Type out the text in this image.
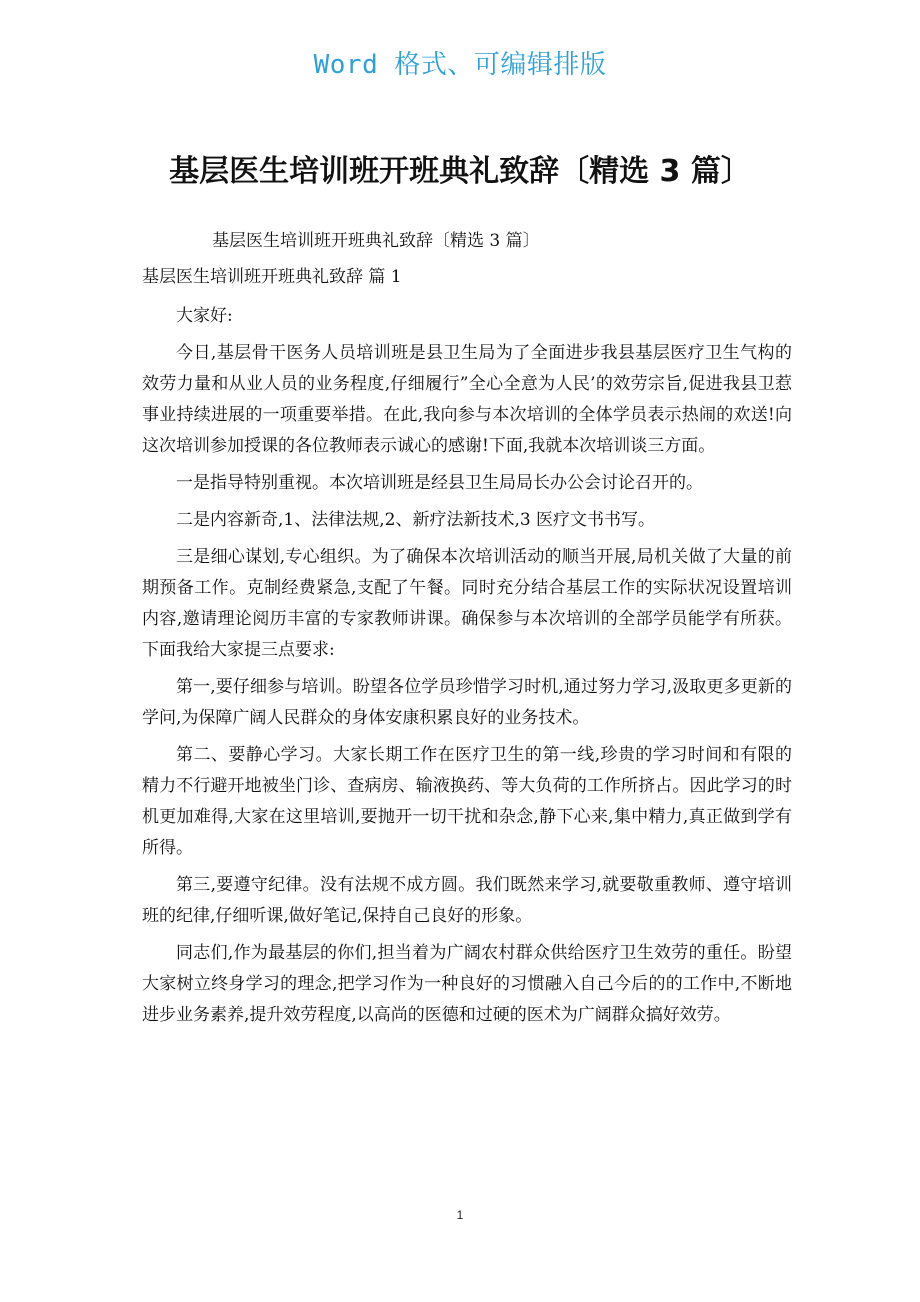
Word 格式、可编辑排版
基层医生培训班开班典礼致辞〔精选 3 篇〕

基层医生培训班开班典礼致辞〔精选 3 篇〕

基层医生培训班开班典礼致辞 篇 1

大家好:

今日,基层骨干医务人员培训班是县卫生局为了全面进步我县基层医疗卫生气构的效劳力量和从业人员的业务程度,仔细履行”全心全意为人民’的效劳宗旨,促进我县卫惹事业持续进展的一项重要举措。在此,我向参与本次培训的全体学员表示热闹的欢送!向这次培训参加授课的各位教师表示诚心的感谢!下面,我就本次培训谈三方面。

一是指导特别重视。本次培训班是经县卫生局局长办公会讨论召开的。

二是内容新奇,1、法律法规,2、新疗法新技术,3 医疗文书书写。

三是细心谋划,专心组织。为了确保本次培训活动的顺当开展,局机关做了大量的前期预备工作。克制经费紧急,支配了午餐。同时充分结合基层工作的实际状况设置培训内容,邀请理论阅历丰富的专家教师讲课。确保参与本次培训的全部学员能学有所获。下面我给大家提三点要求:

第一,要仔细参与培训。盼望各位学员珍惜学习时机,通过努力学习,汲取更多更新的学问,为保障广阔人民群众的身体安康积累良好的业务技术。

第二、要静心学习。大家长期工作在医疗卫生的第一线,珍贵的学习时间和有限的精力不行避开地被坐门诊、查病房、输液换药、等大负荷的工作所挤占。因此学习的时机更加难得,大家在这里培训,要抛开一切干扰和杂念,静下心来,集中精力,真正做到学有所得。

第三,要遵守纪律。没有法规不成方圆。我们既然来学习,就要敬重教师、遵守培训班的纪律,仔细听课,做好笔记,保持自己良好的形象。

同志们,作为最基层的你们,担当着为广阔农村群众供给医疗卫生效劳的重任。盼望大家树立终身学习的理念,把学习作为一种良好的习惯融入自己今后的的工作中,不断地进步业务素养,提升效劳程度,以高尚的医德和过硬的医术为广阔群众搞好效劳。

1
